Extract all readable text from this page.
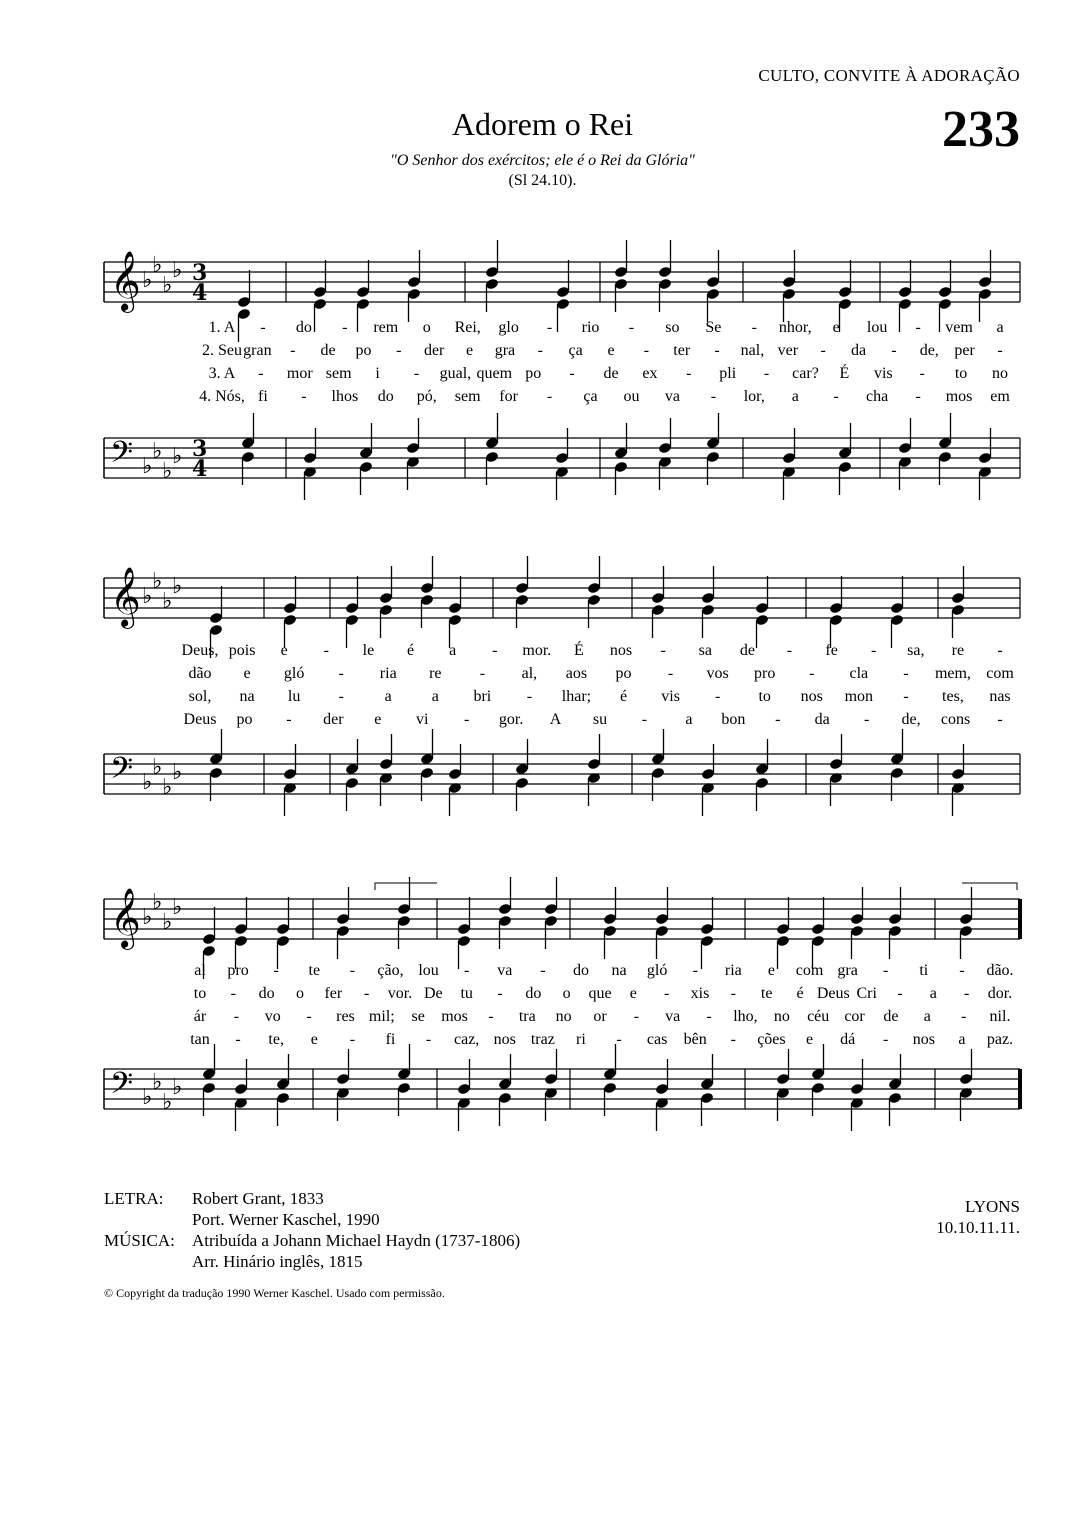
CULTO, CONVITE À ADORAÇÃO
233
Adorem o Rei
"O Senhor dos exércitos; ele é o Rei da Glória"
(Sl 24.10).
𝄞 ♭
♭
♭
♭ 3
4
𝄢 ♭
♭
♭
♭ 3
4
1. A - do - rem o Rei, glo - rio - so Se - nhor, e lou - vem a
2. Seu gran - de po - der e gra - ça e - ter - nal, ver - da - de, per -
3. A - mor sem i - gual, quem po - de ex - pli - car? É vis - to no
4. Nós, fi - lhos do pó, sem for - ça ou va - lor, a - cha - mos em
𝄞 ♭
♭
♭
♭
𝄢 ♭
♭
♭
♭
Deus, pois e - le é a - mor. É nos - sa de - fe - sa, re -
dão e gló - ria re - al, aos po - vos pro - cla - mem, com
sol, na lu -	a a bri - lhar; é vis - to nos mon - tes, nas
Deus po - der e vi - gor. A su - a bon - da - de, cons -
𝄞 ♭
♭
♭
♭
𝄢 ♭
♭
♭
♭
al pro - te - ção, lou - va - do na gló - ria e com gra - ti - dão.
to - do o fer - vor. De tu - do o que e - xis - te é Deus Cri - a - dor.
ár - vo - res mil; se mos - tra no or - va - lho, no céu cor de a - nil.
tan - te, e - fi - caz, nos traz ri - cas bên - ções e dá - nos a paz.
LETRA:	Robert Grant, 1833
Port. Werner Kaschel, 1990
MÚSICA:	Atribuída a Johann Michael Haydn (1737-1806)
Arr. Hinário inglês, 1815
LYONS
10.10.11.11.
© Copyright da tradução 1990 Werner Kaschel. Usado com permissão.
